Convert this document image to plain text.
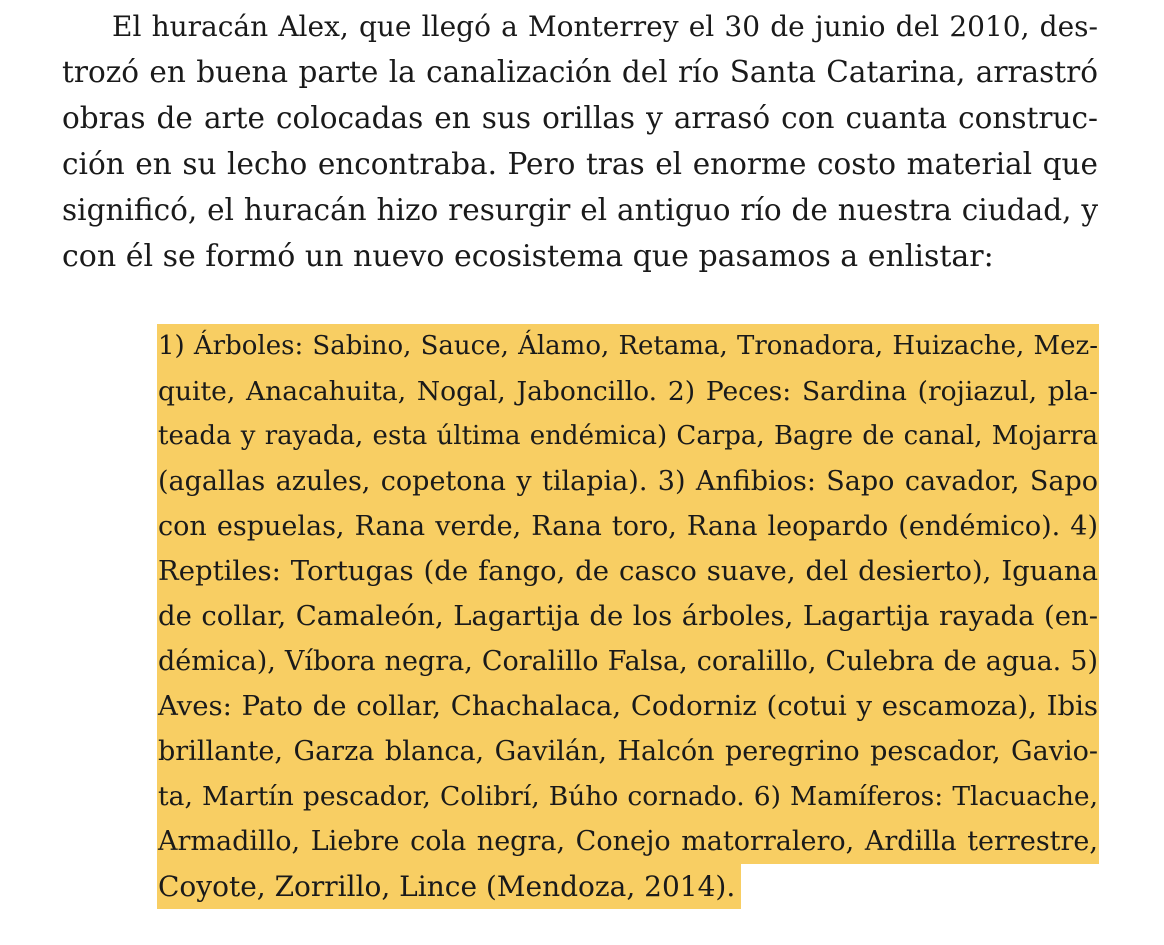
El huracán Alex, que llegó a Monterrey el 30 de junio del 2010, des-
trozó en buena parte la canalización del río Santa Catarina, arrastró
obras de arte colocadas en sus orillas y arrasó con cuanta construc-
ción en su lecho encontraba. Pero tras el enorme costo material que
significó, el huracán hizo resurgir el antiguo río de nuestra ciudad, y
con él se formó un nuevo ecosistema que pasamos a enlistar:
1) Árboles: Sabino, Sauce, Álamo, Retama, Tronadora, Huizache, Mez-
quite, Anacahuita, Nogal, Jaboncillo. 2) Peces: Sardina (rojiazul, pla-
teada y rayada, esta última endémica) Carpa, Bagre de canal, Mojarra
(agallas azules, copetona y tilapia). 3) Anfibios: Sapo cavador, Sapo
con espuelas, Rana verde, Rana toro, Rana leopardo (endémico). 4)
Reptiles: Tortugas (de fango, de casco suave, del desierto), Iguana
de collar, Camaleón, Lagartija de los árboles, Lagartija rayada (en-
démica), Víbora negra, Coralillo Falsa, coralillo, Culebra de agua. 5)
Aves: Pato de collar, Chachalaca, Codorniz (cotui y escamoza), Ibis
brillante, Garza blanca, Gavilán, Halcón peregrino pescador, Gavio-
ta, Martín pescador, Colibrí, Búho cornado. 6) Mamíferos: Tlacuache,
Armadillo, Liebre cola negra, Conejo matorralero, Ardilla terrestre,
Coyote, Zorrillo, Lince (Mendoza, 2014).
